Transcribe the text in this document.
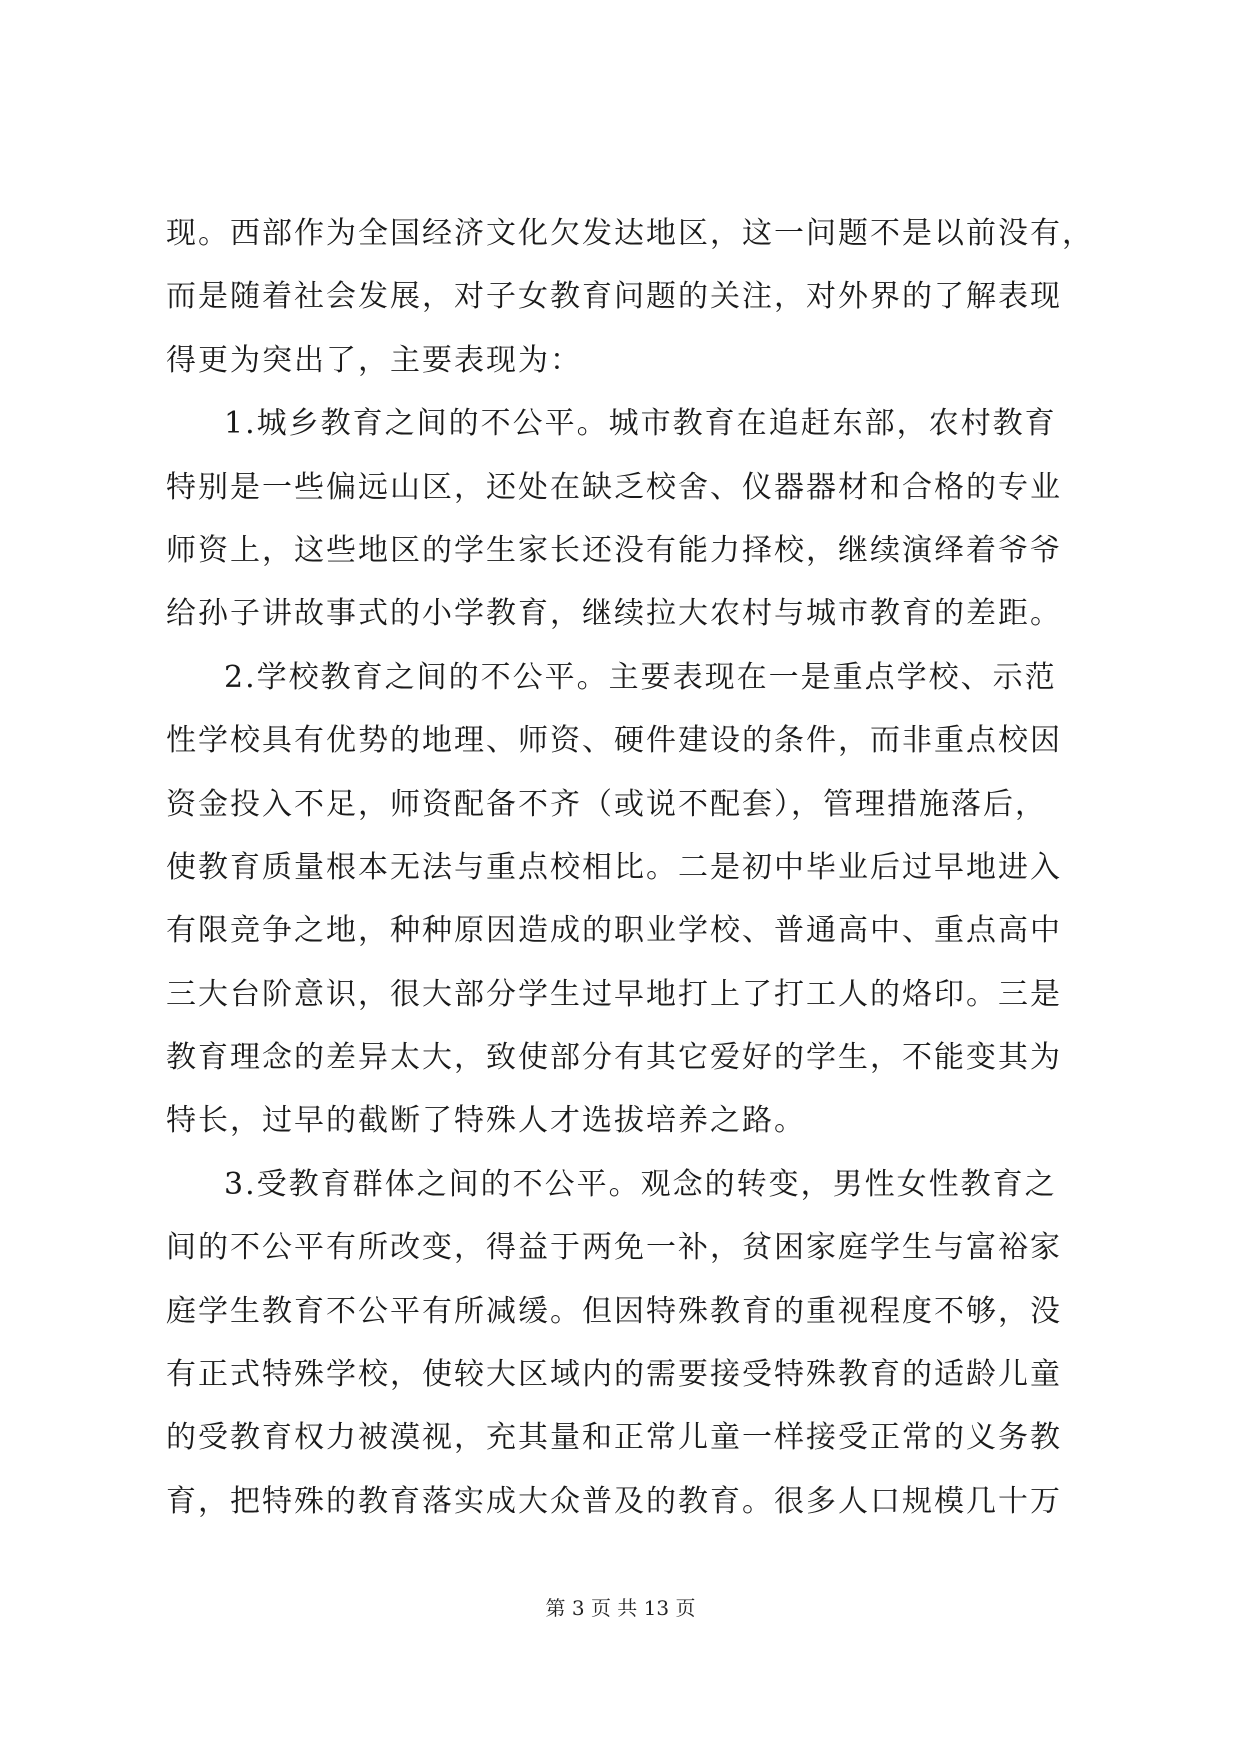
现。西部作为全国经济文化欠发达地区，这一问题不是以前没有，
而是随着社会发展，对子女教育问题的关注，对外界的了解表现
得更为突出了，主要表现为：
1.城乡教育之间的不公平。城市教育在追赶东部，农村教育
特别是一些偏远山区，还处在缺乏校舍、仪器器材和合格的专业
师资上，这些地区的学生家长还没有能力择校，继续演绎着爷爷
给孙子讲故事式的小学教育，继续拉大农村与城市教育的差距。
2.学校教育之间的不公平。主要表现在一是重点学校、示范
性学校具有优势的地理、师资、硬件建设的条件，而非重点校因
资金投入不足，师资配备不齐（或说不配套），管理措施落后，
使教育质量根本无法与重点校相比。二是初中毕业后过早地进入
有限竞争之地，种种原因造成的职业学校、普通高中、重点高中
三大台阶意识，很大部分学生过早地打上了打工人的烙印。三是
教育理念的差异太大，致使部分有其它爱好的学生，不能变其为
特长，过早的截断了特殊人才选拔培养之路。
3.受教育群体之间的不公平。观念的转变，男性女性教育之
间的不公平有所改变，得益于两免一补，贫困家庭学生与富裕家
庭学生教育不公平有所减缓。但因特殊教育的重视程度不够，没
有正式特殊学校，使较大区域内的需要接受特殊教育的适龄儿童
的受教育权力被漠视，充其量和正常儿童一样接受正常的义务教
育，把特殊的教育落实成大众普及的教育。很多人口规模几十万
第 3 页 共 13 页
